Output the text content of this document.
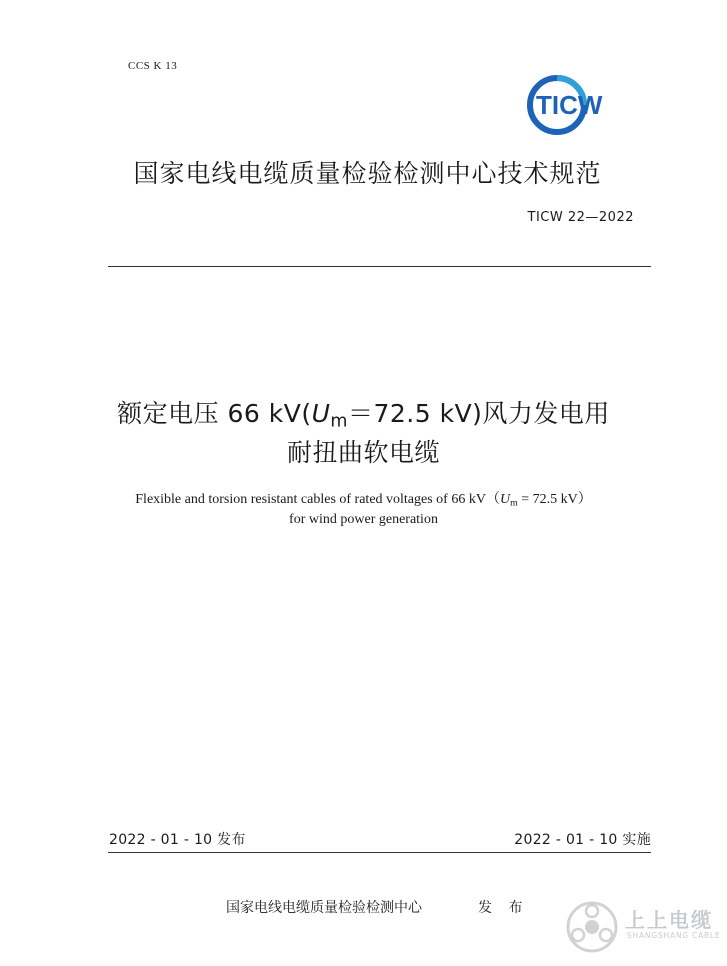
CCS K 13
TICW
国家电线电缆质量检验检测中心技术规范
TICW 22—2022
额定电压 66 $kV(U_m=72.5$ kV)风力发电用
耐扭曲软电缆
Flexible and torsion resistant cables of rated voltages of 66 $kV(U_m = 72.5$ kV）
for wind power generation
2022 - 01 - 10 发布	2022 - 01 - 10 实施
国家电线电缆质量检验检测中心	发 布	上上电缆
SHANGSHANG CABLE
